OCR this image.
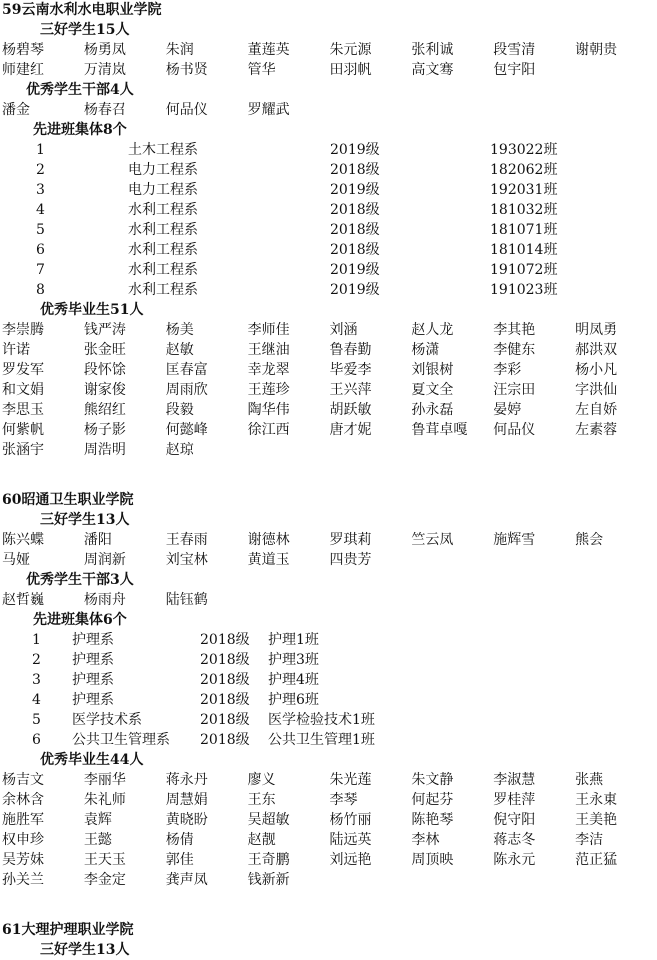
59云南水利水电职业学院
三好学生15人
杨碧琴	杨勇凤	朱润	董莲英	朱元源	张利诚	段雪清	谢朝贵
师建红	万清岚	杨书贤	管华	田羽帆	高文骞	包宇阳
优秀学生干部4人
潘金	杨春召	何品仪	罗耀武
先进班集体8个
1	土木工程系	2019级	193022班
2	电力工程系	2018级	182062班
3	电力工程系	2019级	192031班
4	水利工程系	2018级	181032班
5	水利工程系	2018级	181071班
6	水利工程系	2018级	181014班
7	水利工程系	2019级	191072班
8	水利工程系	2019级	191023班
优秀毕业生51人
李崇腾	钱严涛	杨美	李师佳	刘涵	赵人龙	李其艳	明凤勇
许诺	张金旺	赵敏	王继油	鲁春勤	杨潇	李健东	郝洪双
罗发军	段怀馀	匡春富	幸龙翠	毕爱李	刘银树	李彩	杨小凡
和文娟	谢家俊	周雨欣	王莲珍	王兴萍	夏文全	汪宗田	字洪仙
李思玉	熊绍红	段毅	陶华伟	胡跃敏	孙永磊	晏婷	左自娇
何紫帆	杨子影	何懿峰	徐江西	唐才妮	鲁茸卓嘎	何品仪	左素蓉
张涵宇	周浩明	赵琼
60昭通卫生职业学院
三好学生13人
陈兴蝶	潘阳	王春雨	谢德林	罗琪莉	竺云凤	施辉雪	熊会
马娅	周润新	刘宝林	黄道玉	四贵芳
优秀学生干部3人
赵哲巍	杨雨舟	陆钰鹤
先进班集体6个
1	护理系	2018级	护理1班
2	护理系	2018级	护理3班
3	护理系	2018级	护理4班
4	护理系	2018级	护理6班
5	医学技术系	2018级	医学检验技术1班
6	公共卫生管理系	2018级	公共卫生管理1班
优秀毕业生44人
杨吉文	李丽华	蒋永丹	廖义	朱光莲	朱文静	李淑慧	张燕
余林含	朱礼师	周慧娟	王东	李琴	何起芬	罗桂萍	王永東
施胜军	袁辉	黄晓盼	吴超敏	杨竹丽	陈艳琴	倪守阳	王美艳
权申珍	王懿	杨倩	赵靓	陆远英	李林	蒋志冬	李洁
吴芳妹	王天玉	郭佳	王奇鹏	刘远艳	周顶映	陈永元	范正猛
孙关兰	李金定	龚声凤	钱新新
61大理护理职业学院
三好学生13人
